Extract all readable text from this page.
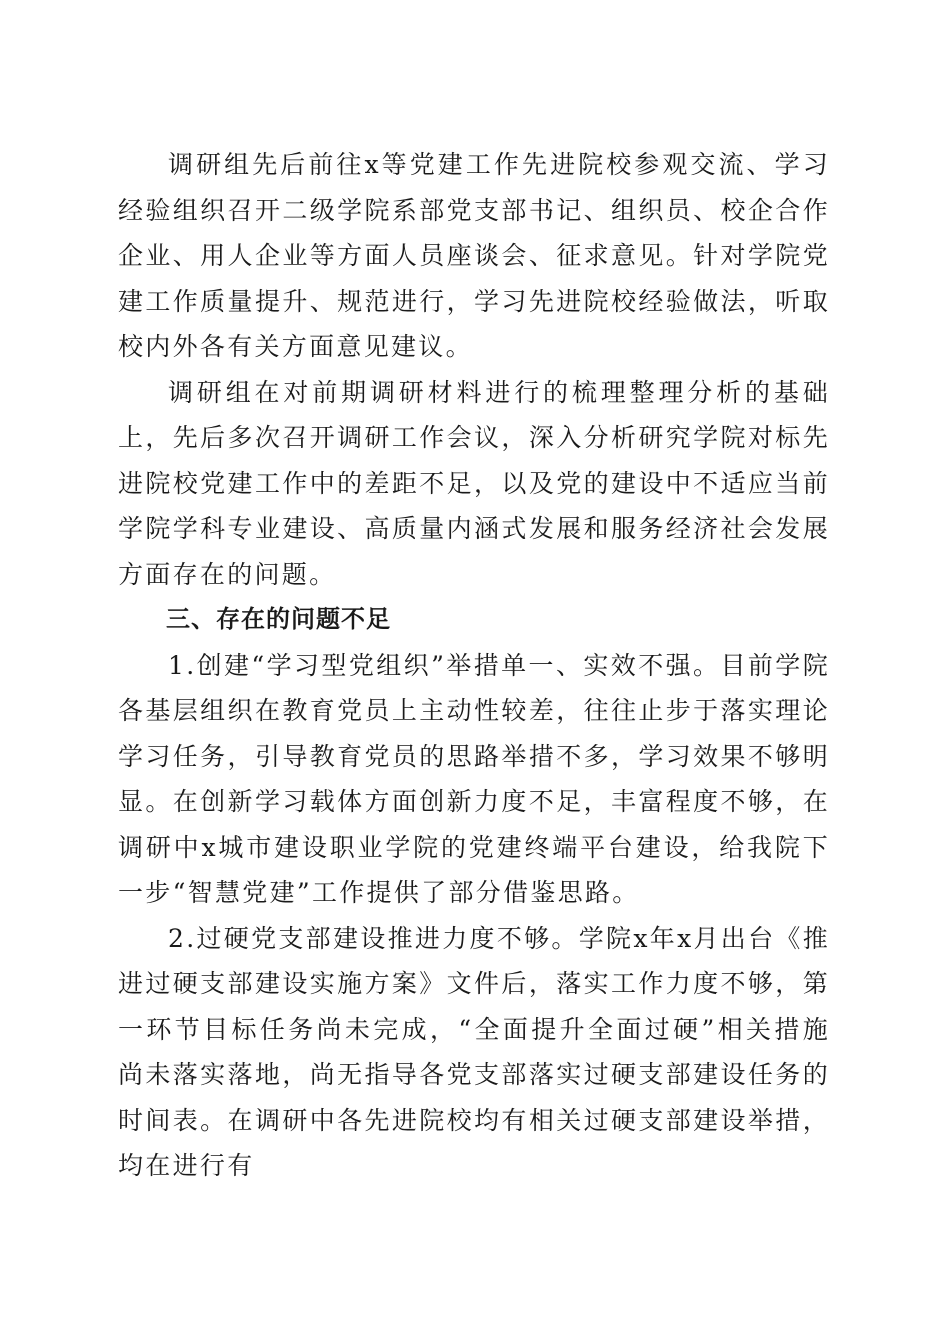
调研组先后前往x等党建工作先进院校参观交流、学习经验组织召开二级学院系部党支部书记、组织员、校企合作企业、用人企业等方面人员座谈会、征求意见。针对学院党建工作质量提升、规范进行，学习先进院校经验做法，听取校内外各有关方面意见建议。

调研组在对前期调研材料进行的梳理整理分析的基础上，先后多次召开调研工作会议，深入分析研究学院对标先进院校党建工作中的差距不足，以及党的建设中不适应当前学院学科专业建设、高质量内涵式发展和服务经济社会发展方面存在的问题。

三、存在的问题不足

1.创建“学习型党组织”举措单一、实效不强。目前学院各基层组织在教育党员上主动性较差，往往止步于落实理论学习任务，引导教育党员的思路举措不多，学习效果不够明显。在创新学习载体方面创新力度不足，丰富程度不够，在调研中x城市建设职业学院的党建终端平台建设，给我院下一步“智慧党建”工作提供了部分借鉴思路。

2.过硬党支部建设推进力度不够。学院x年x月出台《推进过硬支部建设实施方案》文件后，落实工作力度不够，第一环节目标任务尚未完成，“全面提升全面过硬”相关措施尚未落实落地，尚无指导各党支部落实过硬支部建设任务的时间表。在调研中各先进院校均有相关过硬支部建设举措，均在进行有
